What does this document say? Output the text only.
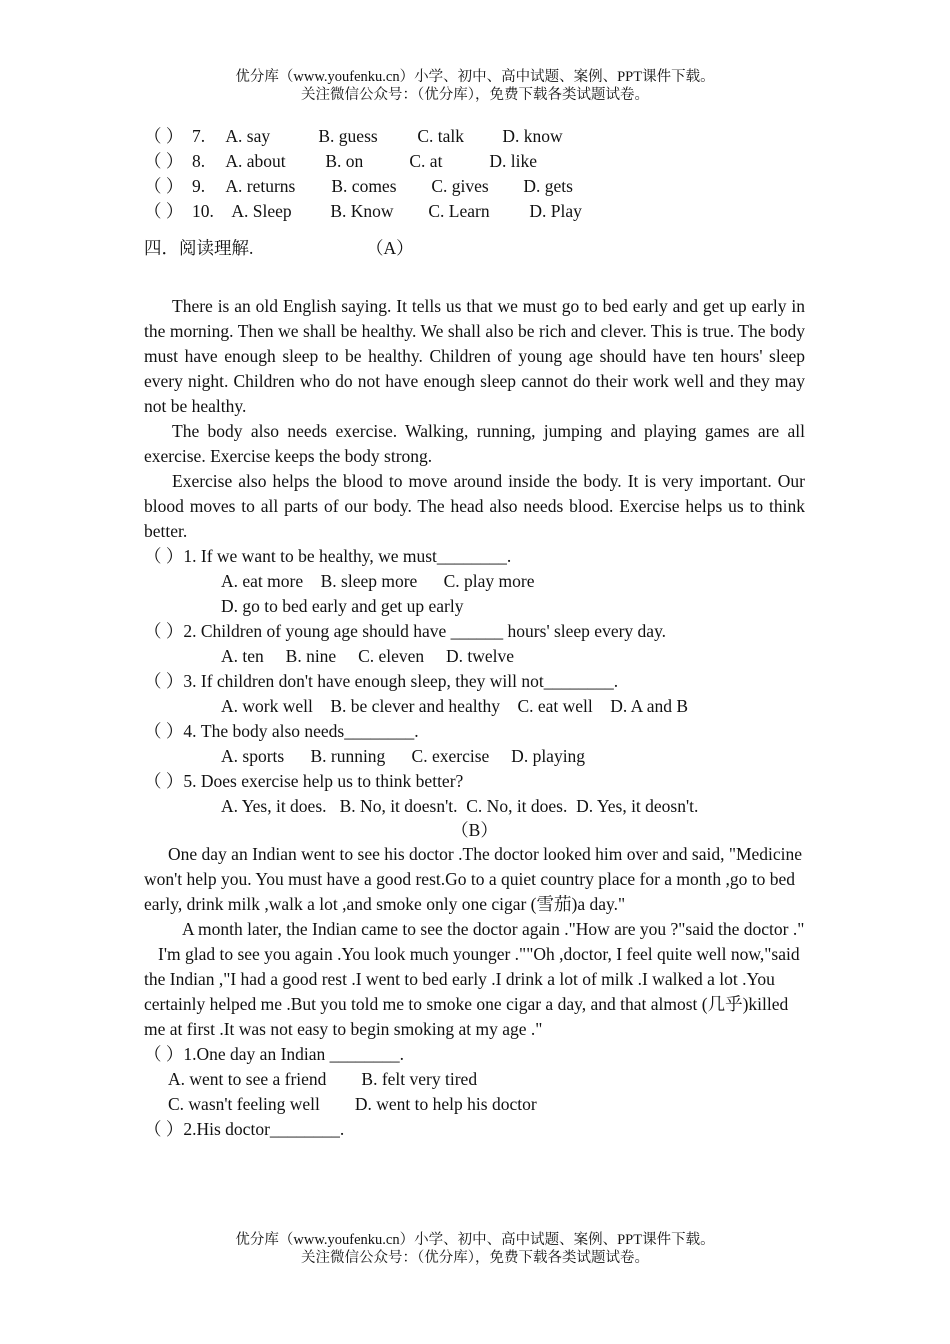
优分库（www.youfenku.cn）小学、初中、高中试题、案例、PPT课件下载。
关注微信公众号：（优分库），免费下载各类试题试卷。
（ ） 7. A. say	B. guess C. talk D. know
（ ） 8. A. about B. on	C. at	D. like
（ ） 9. A. returns B. comes C. gives D. gets
（ ） 10. A. Sleep B. Know C. Learn D. Play
四．阅读理解.	（A）
There is an old English saying. It tells us that we must go to bed early and get up early in the morning. Then we shall be healthy. We shall also be rich and clever. This is true. The body must have enough sleep to be healthy. Children of young age should have ten hours' sleep every night. Children who do not have enough sleep cannot do their work well and they may not be healthy.
The body also needs exercise. Walking, running, jumping and playing games are all exercise. Exercise keeps the body strong.
Exercise also helps the blood to move around inside the body. It is very important. Our blood moves to all parts of our body. The head also needs blood. Exercise helps us to think better.
（ ）1. If we want to be healthy, we must________.
A. eat more    B. sleep more      C. play more
D. go to bed early and get up early
（ ）2. Children of young age should have ______ hours' sleep every day.
A. ten     B. nine     C. eleven     D. twelve
（ ）3. If children don't have enough sleep, they will not________.
A. work well    B. be clever and healthy    C. eat well    D. A and B
（ ）4. The body also needs________.
A. sports      B. running      C. exercise     D. playing
（ ）5. Does exercise help us to think better?
A. Yes, it does.   B. No, it doesn't.  C. No, it does.  D. Yes, it deosn't.
（B）
One day an Indian went to see his doctor .The doctor looked him over and said, "Medicine won't help you. You must have a good rest.Go to a quiet country place for a month ,go to bed early, drink milk ,walk a lot ,and smoke only one cigar (雪茄)a day."
A month later, the Indian came to see the doctor again ."How are you ?"said the doctor ."
I'm glad to see you again .You look much younger .""Oh ,doctor, I feel quite well now,"said the Indian ,"I had a good rest .I went to bed early .I drink a lot of milk .I walked a lot .You certainly helped me .But you told me to smoke one cigar a day, and that almost (几乎)killed me at first .It was not easy to begin smoking at my age ."
（ ）1.One day an Indian ________.
A. went to see a friend        B. felt very tired
C. wasn't feeling well        D. went to help his doctor
（ ）2.His doctor________.
优分库（www.youfenku.cn）小学、初中、高中试题、案例、PPT课件下载。
关注微信公众号：（优分库），免费下载各类试题试卷。
